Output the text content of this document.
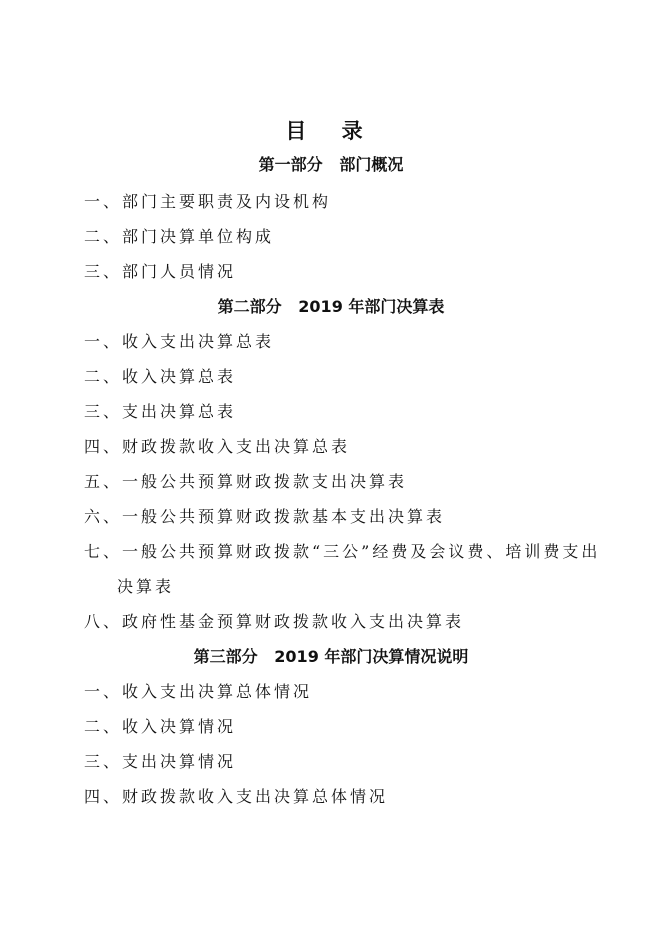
目 录
第一部分   部门概况
一、部门主要职责及内设机构
二、部门决算单位构成
三、部门人员情况
第二部分   2019 年部门决算表
一、收入支出决算总表
二、收入决算总表
三、支出决算总表
四、财政拨款收入支出决算总表
五、一般公共预算财政拨款支出决算表
六、一般公共预算财政拨款基本支出决算表
七、一般公共预算财政拨款“三公”经费及会议费、培训费支出
决算表
八、政府性基金预算财政拨款收入支出决算表
第三部分   2019 年部门决算情况说明
一、收入支出决算总体情况
二、收入决算情况
三、支出决算情况
四、财政拨款收入支出决算总体情况
